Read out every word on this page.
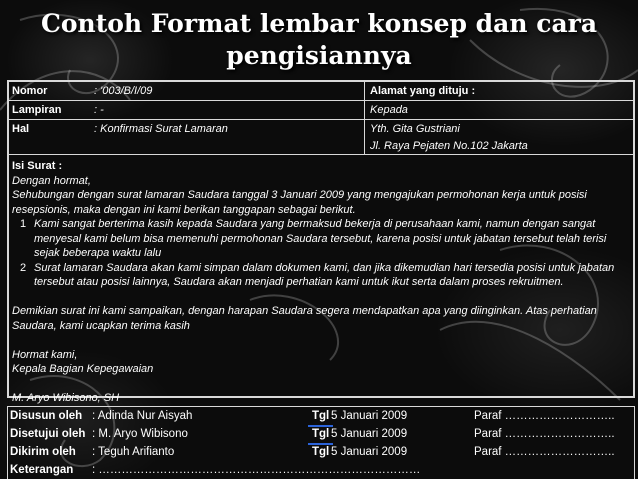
Contoh Format lembar konsep dan cara
pengisiannya
Nomor	: '003/B/I/09	Alamat yang dituju :
Lampiran	: -	Kepada
Hal	: Konfirmasi Surat Lamaran	Yth. Gita Gustriani
Jl. Raya Pejaten No.102 Jakarta

Isi Surat :

Dengan hormat,

Sehubungan dengan surat lamaran Saudara tanggal 3 Januari 2009 yang mengajukan permohonan kerja untuk posisi resepsionis, maka dengan ini kami berikan tanggapan sebagai berikut.

1 Kami sangat berterima kasih kepada Saudara yang bermaksud bekerja di perusahaan kami, namun dengan sangat menyesal kami belum bisa memenuhi permohonan Saudara tersebut, karena posisi untuk jabatan tersebut telah terisi sejak beberapa waktu lalu
2 Surat lamaran Saudara akan kami simpan dalam dokumen kami, dan jika dikemudian hari tersedia posisi untuk jabatan tersebut atau posisi lainnya, Saudara akan menjadi perhatian kami untuk ikut serta dalam proses rekruitmen.

Demikian surat ini kami sampaikan, dengan harapan Saudara segera mendapatkan apa yang diinginkan. Atas perhatian Saudara, kami ucapkan terima kasih

Hormat kami,

Kepala Bagian Kepegawaian

M. Aryo Wibisono, SH

Disusun oleh : Adinda Nur Aisyah	Tgl 5 Januari 2009	Paraf ………………………..
Disetujui oleh : M. Aryo Wibisono	Tgl 5 Januari 2009	Paraf ………………………..
Dikirim oleh : Teguh Arifianto	Tgl 5 Januari 2009	Paraf ………………………..
Keterangan : …………………………………………………………………………
